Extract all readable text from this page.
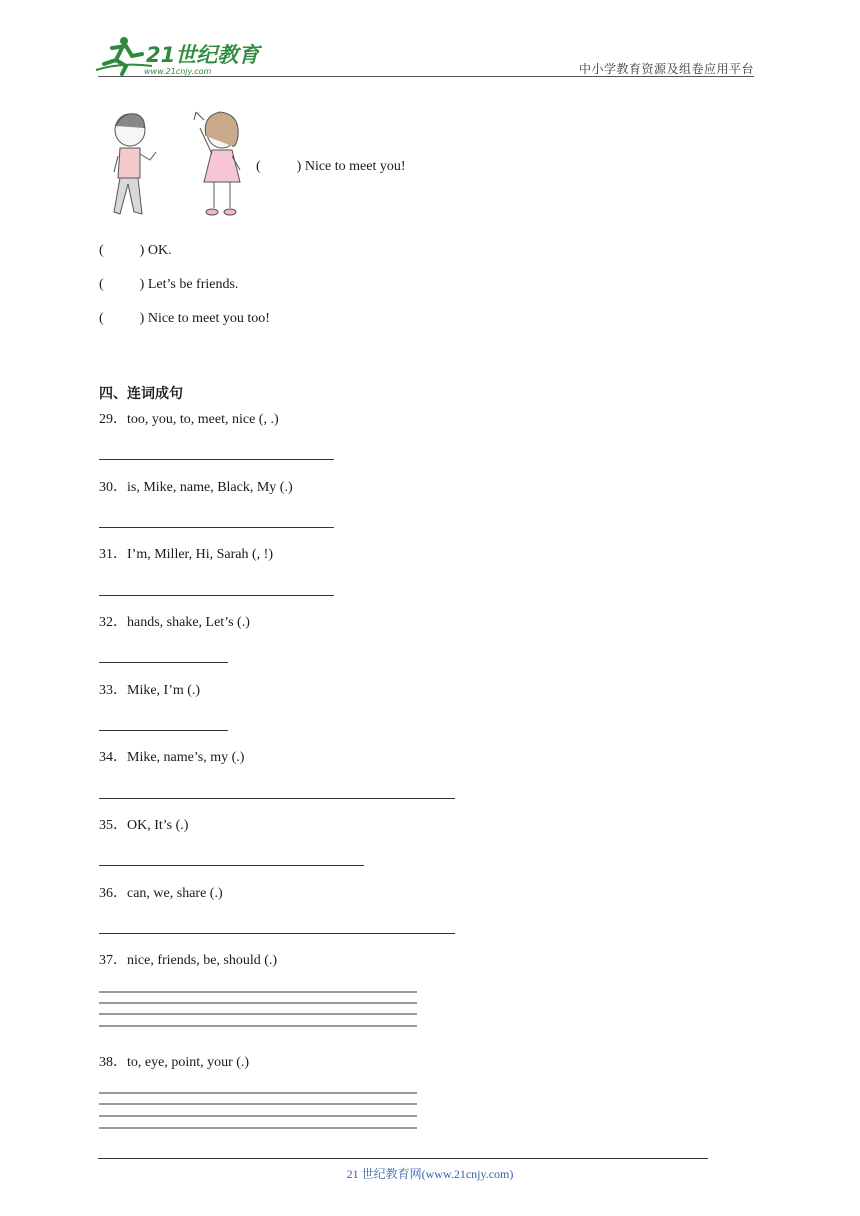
21世纪教育
www.21cnjy.com	中小学教育资源及组卷应用平台
(	) Nice to meet you!
(	) OK.
(	) Let’s be friends.
(	) Nice to meet you too!
四、连词成句
29．too, you, to, meet, nice (, .)
30．is, Mike, name, Black, My (.)
31．I’m, Miller, Hi, Sarah (, !)
32．hands, shake, Let’s (.)
33．Mike, I’m (.)
34．Mike, name’s, my (.)
35．OK, It’s (.)
36．can, we, share (.)
37．nice, friends, be, should (.)
38．to, eye, point, your (.)
21 世纪教育网(www.21cnjy.com)
